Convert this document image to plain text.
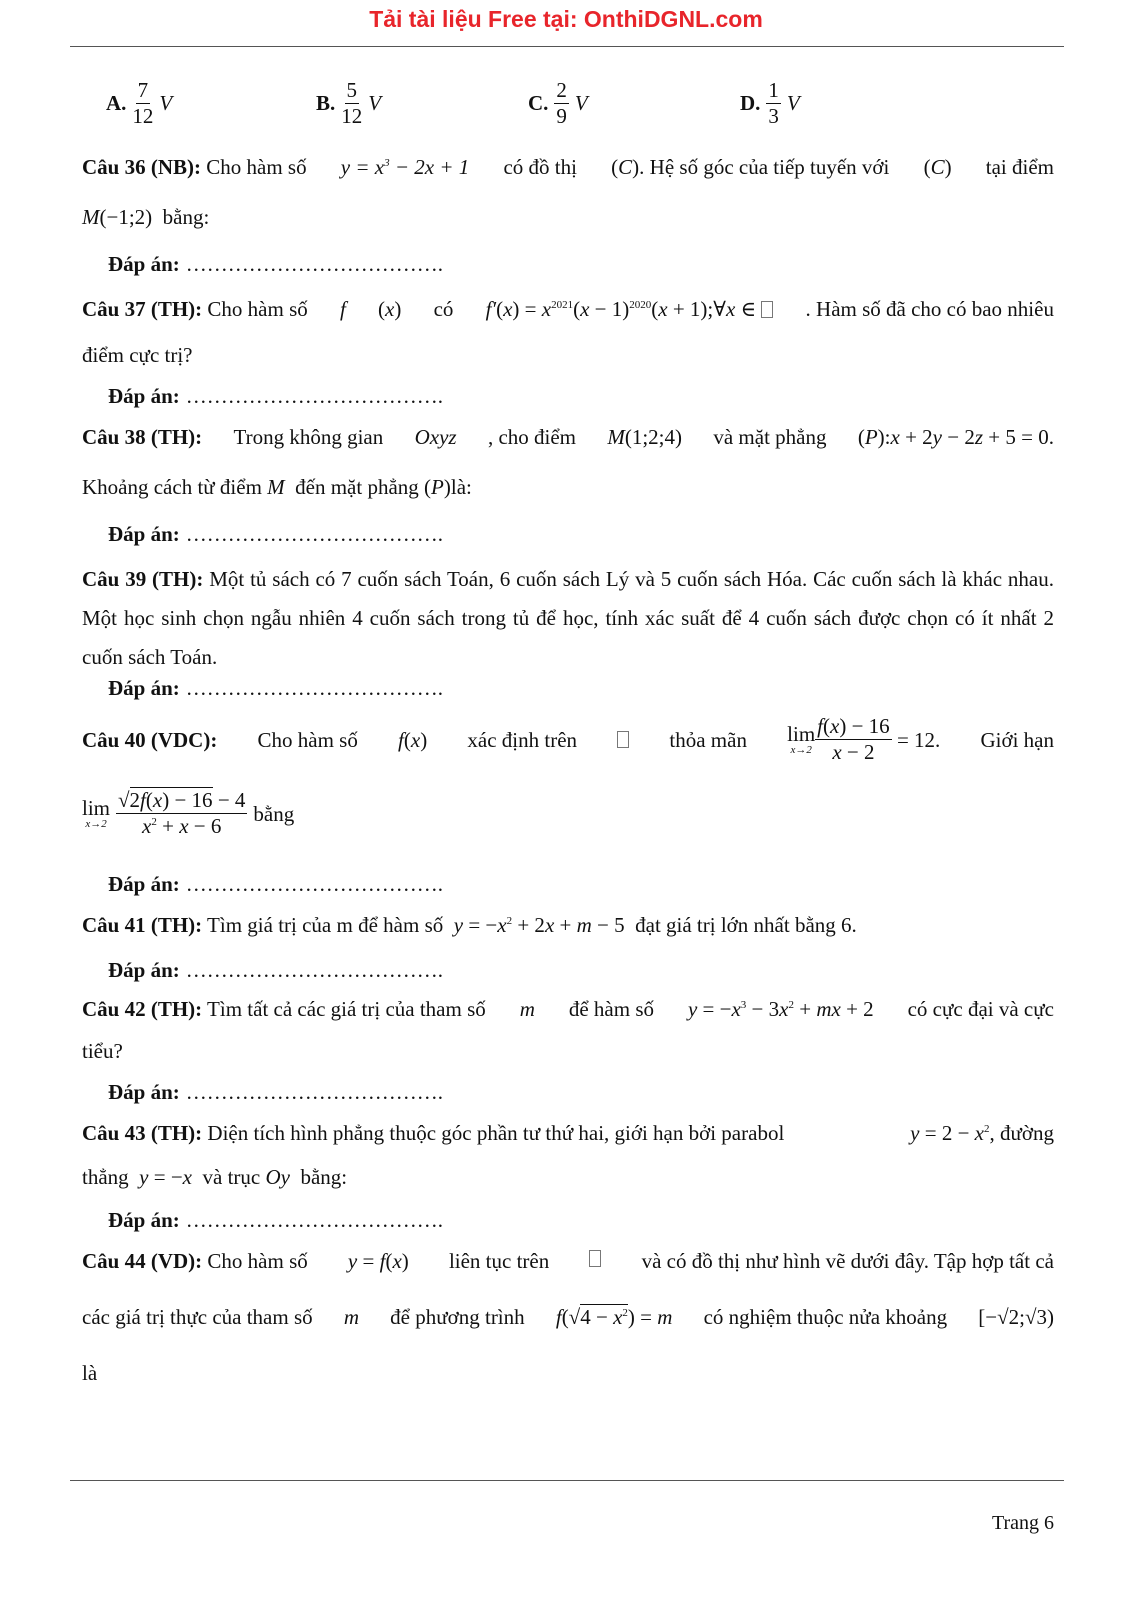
Tải tài liệu Free tại: OnthiDGNL.com
A. $\frac{7}{12}$ V	B. $\frac{5}{12}$ V	C. $\frac{2}{9}$ V	D. $\frac{1}{3}$ V
Câu 36 (NB): Cho hàm số $y = x^3 - 2x + 1$ có đồ thị (C). Hệ số góc của tiếp tuyến với (C) tại điểm
M(−1;2)  bằng:
Đáp án: ……………………………….
Câu 37 (TH): Cho hàm số f (x) có $f'(x) = x^{2021}(x - 1)^{2020}(x$ + 1);∀x ∈	. Hàm số đã cho có bao nhiêu
điểm cực trị?
Đáp án: ……………………………….
Câu 38 (TH): Trong không gian Oxyz , cho điểm M(1;2;4) và mặt phẳng (P):x + 2y − 2z + 5 = 0.
Khoảng cách từ điểm M đến mặt phẳng (P)là:
Đáp án: ……………………………….
Câu 39 (TH): Một tủ sách có 7 cuốn sách Toán, 6 cuốn sách Lý và 5 cuốn sách Hóa. Các cuốn sách là khác nhau. Một học sinh chọn ngẫu nhiên 4 cuốn sách trong tủ để học, tính xác suất để 4 cuốn sách được chọn có ít nhất 2 cuốn sách Toán.
Đáp án: ……………………………….
Câu 40 (VDC): Cho hàm số f(x) xác định trên	thỏa mãn lim
$x\to 2 \frac{f(x) - 16}{x - 2} = 12$. Giới hạn
lim
$x\to 2 \frac{√2f(x) - 16 - 4}{x^2 + x - 6}$ bằng
Đáp án: ……………………………….
Câu 41 (TH): Tìm giá trị của m để hàm số $y = -x^2 + 2x + m - 5$  đạt giá trị lớn nhất bằng 6.
Đáp án: ……………………………….
Câu 42 (TH): Tìm tất cả các giá trị của tham số m để hàm số $y = -x^3 - 3x^2$ + mx + 2 có cực đại và cực
tiểu?
Đáp án: ……………………………….
Câu 43 (TH): Diện tích hình phẳng thuộc góc phần tư thứ hai, giới hạn bởi parabol	$y = 2 - x^2$, đường
thẳng y = −x và trục Oy bằng:
Đáp án: ……………………………….
Câu 44 (VD): Cho hàm số y = f(x) liên tục trên	và có đồ thị như hình vẽ dưới đây. Tập hợp tất cả
các giá trị thực của tham số m để phương trình $f(√4 - x^2) = m$ có nghiệm thuộc nửa khoảng [−√2;√3)
là
Trang 6
